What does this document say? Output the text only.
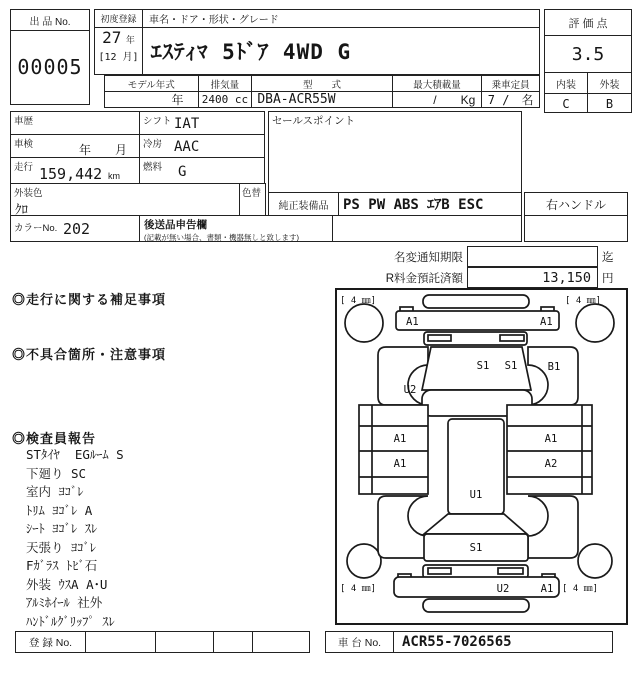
出 品 No.
00005
初度登録	車名・ドア・形状・グレード
27 年
[12 月] ｴｽﾃｨﾏ 5ﾄﾞｱ 4WD G
評 価 点
3.5
内装	外装
C	B
モデル年式
年
排気量
2400 cc
型　　式
DBA-ACR55W
最大積載量
/　　Kg
乗車定員
7 /　名
車歴	シフト IAT
車検	年　　月 冷房 AAC
走行 159,442 km
燃料 G
外装色
ｸﾛ
色替
カラーNo. 202	後送品申告欄
(記載が無い場合、書類・機器無しと致します)
セールスポイント
純正装備品	PS PW ABS ｴｱB ESC	右ハンドル
名変通知期限	迄
R料金預託済額	13,150 円
◎走行に関する補足事項
◎不具合箇所・注意事項
◎検査員報告
STﾀｲﾔ  EGﾙｰﾑ S
下廻り SC
室内 ﾖｺﾞﾚ
ﾄﾘﾑ ﾖｺﾞﾚ A
ｼｰﾄ ﾖｺﾞﾚ ｽﾚ
天張り ﾖｺﾞﾚ
Fｶﾞﾗｽ ﾄﾋﾞ石
外装 ｳｽA A･U
ｱﾙﾐﾎｲｰﾙ 社外
ﾊﾝﾄﾞﾙｸﾞﾘｯﾌﾟ ｽﾚ
[ 4 ㎜]	[ 4 ㎜]
[ 4 ㎜]	[ 4 ㎜]
A1	A1
S1 S1	B1
U2
A1
A1
A1
A2
U1
S1
U2	A1
登 録 No.	車 台 No.	ACR55-7026565
